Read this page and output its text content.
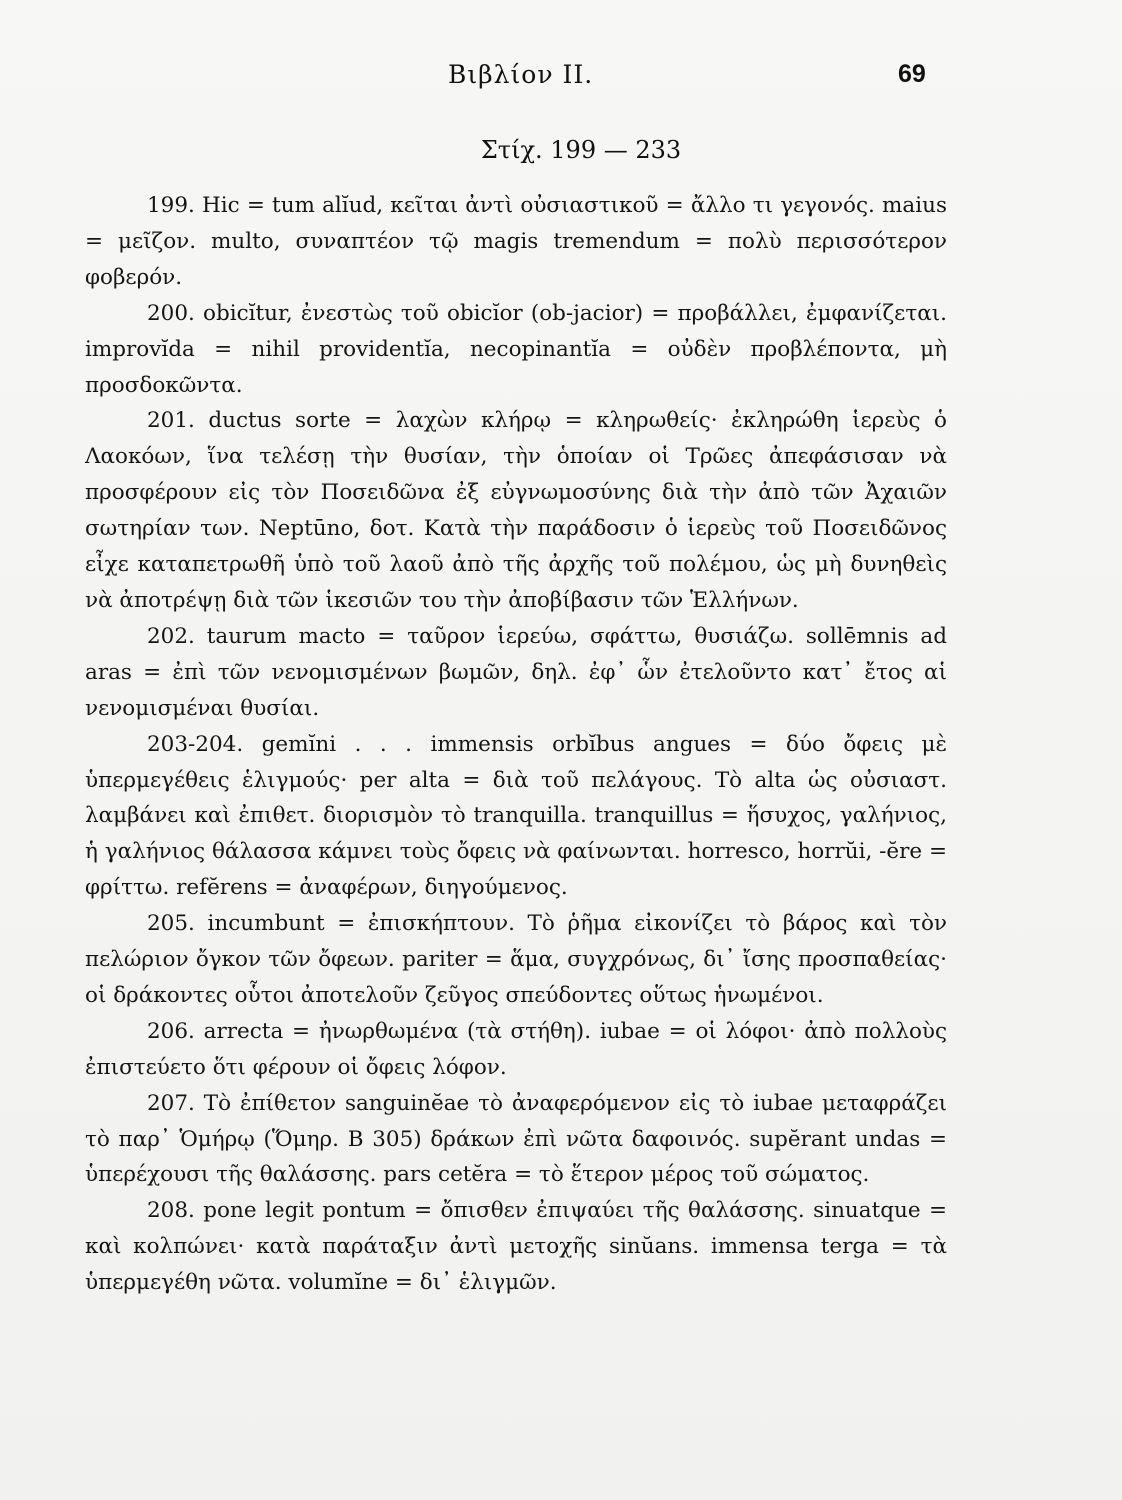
Βιβλίον II.	69
Στίχ. 199 — 233

199. Hic = tum alĭud, κεῖται ἀντὶ οὐσιαστικοῦ = ἄλλο τι γεγονός. maius = μεῖζον. multo, συναπτέον τῷ magis tremendum = πολὺ περισσότερον φοβερόν.

200. obicĭtur, ἐνεστὼς τοῦ obicĭor (ob-jacior) = προβάλλει, ἐμφανίζεται. improvĭda = nihil providentĭa, necopinantĭa = οὐδὲν προβλέποντα, μὴ προσδοκῶντα.

201. ductus sorte = λαχὼν κλήρῳ = κληρωθείς· ἐκληρώθη ἱερεὺς ὁ Λαοκόων, ἵνα τελέσῃ τὴν θυσίαν, τὴν ὁποίαν οἱ Τρῶες ἀπεφάσισαν νὰ προσφέρουν εἰς τὸν Ποσειδῶνα ἐξ εὐγνωμοσύνης διὰ τὴν ἀπὸ τῶν Ἀχαιῶν σωτηρίαν των. Neptūno, δοτ. Κατὰ τὴν παράδοσιν ὁ ἱερεὺς τοῦ Ποσειδῶνος εἶχε καταπετρωθῆ ὑπὸ τοῦ λαοῦ ἀπὸ τῆς ἀρχῆς τοῦ πολέμου, ὡς μὴ δυνηθεὶς νὰ ἀποτρέψῃ διὰ τῶν ἱκεσιῶν του τὴν ἀποβίβασιν τῶν Ἑλλήνων.

202. taurum macto = ταῦρον ἱερεύω, σφάττω, θυσιάζω. sollēmnis ad aras = ἐπὶ τῶν νενομισμένων βωμῶν, δηλ. ἐφ᾽ ὧν ἐτελοῦντο κατ᾽ ἔτος αἱ νενομισμέναι θυσίαι.

203-204. gemĭni . . . immensis orbĭbus angues = δύο ὄφεις μὲ ὑπερμεγέθεις ἑλιγμούς· per alta = διὰ τοῦ πελάγους. Τὸ alta ὡς οὐσιαστ. λαμβάνει καὶ ἐπιθετ. διορισμὸν τὸ tranquilla. tranquillus = ἥσυχος, γαλήνιος, ἡ γαλήνιος θάλασσα κάμνει τοὺς ὄφεις νὰ φαίνωνται. horresco, horrŭi, -ĕre = φρίττω. refĕrens = ἀναφέρων, διηγούμενος.

205. incumbunt = ἐπισκήπτουν. Τὸ ῥῆμα εἰκονίζει τὸ βάρος καὶ τὸν πελώριον ὄγκον τῶν ὄφεων. pariter = ἅμα, συγχρόνως, δι᾽ ἴσης προσπαθείας· οἱ δράκοντες οὗτοι ἀποτελοῦν ζεῦγος σπεύδοντες οὕτως ἡνωμένοι.

206. arrecta = ἠνωρθωμένα (τὰ στήθη). iubae = οἱ λόφοι· ἀπὸ πολλοὺς ἐπιστεύετο ὅτι φέρουν οἱ ὄφεις λόφον.

207. Τὸ ἐπίθετον sanguinĕae τὸ ἀναφερόμενον εἰς τὸ iubae μεταφράζει τὸ παρ᾽ Ὁμήρῳ (Ὅμηρ. Β 305) δράκων ἐπὶ νῶτα δαφοινός. supĕrant undas = ὑπερέχουσι τῆς θαλάσσης. pars cetĕra = τὸ ἕτερον μέρος τοῦ σώματος.

208. pone legit pontum = ὄπισθεν ἐπιψαύει τῆς θαλάσσης. sinuatque = καὶ κολπώνει· κατὰ παράταξιν ἀντὶ μετοχῆς sinŭans. immensa terga = τὰ ὑπερμεγέθη νῶτα. volumĭne = δι᾽ ἑλιγμῶν.
